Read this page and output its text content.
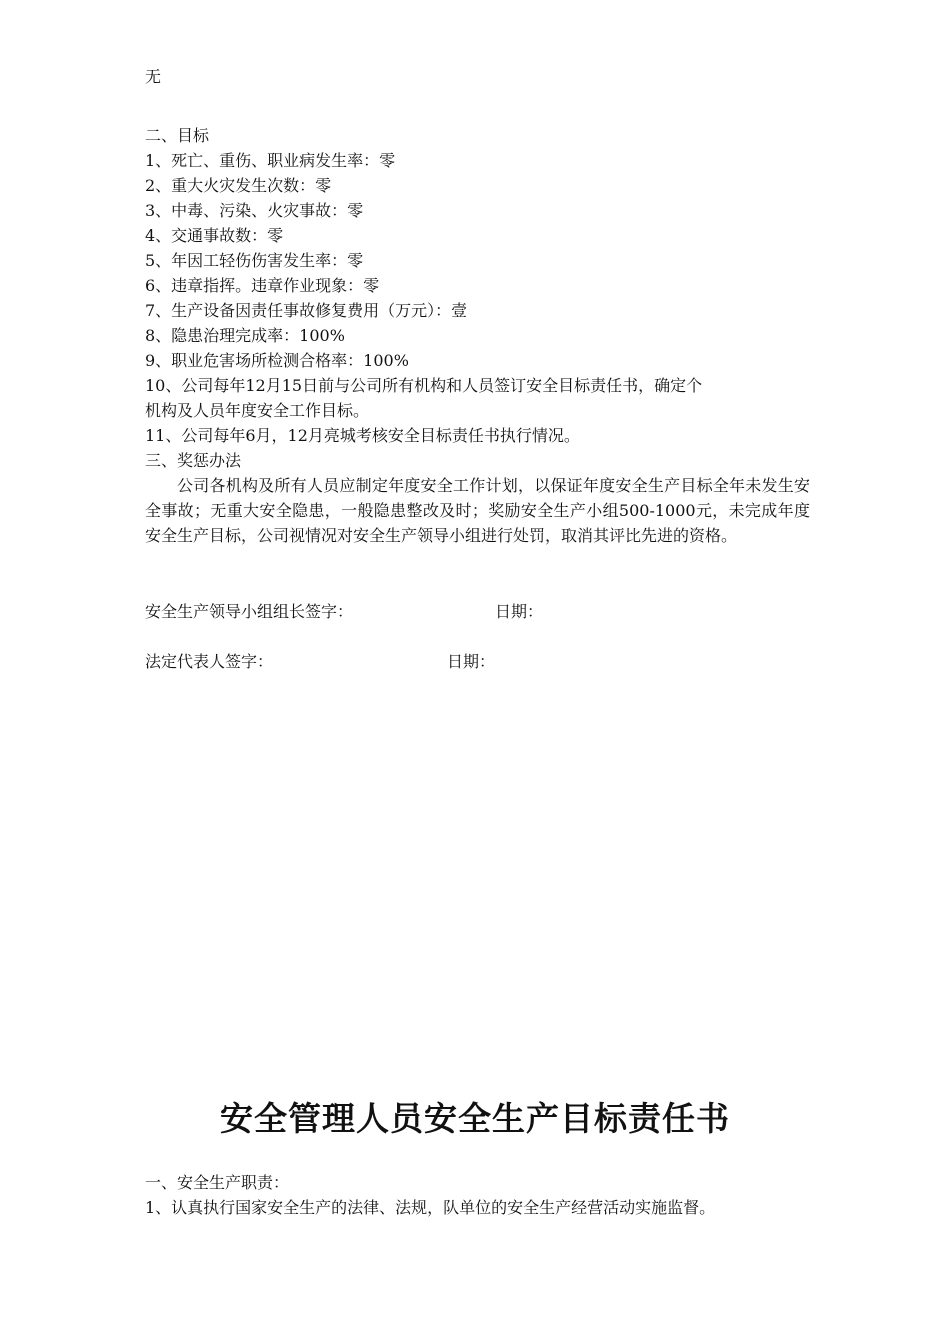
无
二、目标
1、死亡、重伤、职业病发生率：零
2、重大火灾发生次数：零
3、中毒、污染、火灾事故：零
4、交通事故数：零
5、年因工轻伤伤害发生率：零
6、违章指挥。违章作业现象：零
7、生产设备因责任事故修复费用（万元）：壹
8、隐患治理完成率：100%
9、职业危害场所检测合格率：100%
10、公司每年12月15日前与公司所有机构和人员签订安全目标责任书，确定个
机构及人员年度安全工作目标。
11、公司每年6月，12月亮城考核安全目标责任书执行情况。
三、奖惩办法
公司各机构及所有人员应制定年度安全工作计划，以保证年度安全生产目标全年未发生安全事故；无重大安全隐患，一般隐患整改及时；奖励安全生产小组500-1000元，未完成年度安全生产目标，公司视情况对安全生产领导小组进行处罚，取消其评比先进的资格。
安全生产领导小组组长签字：	日期：
法定代表人签字：	日期：
安全管理人员安全生产目标责任书
一、安全生产职责：
1、认真执行国家安全生产的法律、法规，队单位的安全生产经营活动实施监督。
